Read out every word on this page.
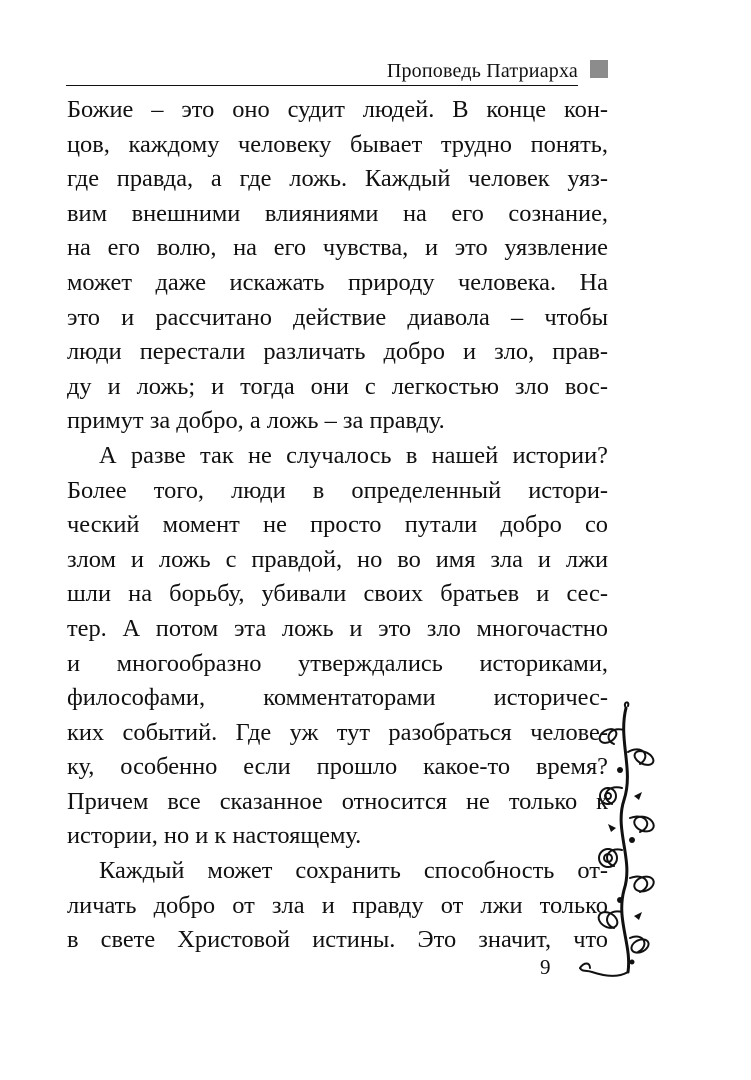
Проповедь Патриарха
Божие – это оно судит людей. В конце кон-
цов, каждому человеку бывает трудно понять,
где правда, а где ложь. Каждый человек уяз-
вим внешними влияниями на его сознание,
на его волю, на его чувства, и это уязвление
может даже искажать природу человека. На
это и рассчитано действие диавола – чтобы
люди перестали различать добро и зло, прав-
ду и ложь; и тогда они с легкостью зло вос-
примут за добро, а ложь – за правду.
А разве так не случалось в нашей истории?
Более того, люди в определенный истори-
ческий момент не просто путали добро со
злом и ложь с правдой, но во имя зла и лжи
шли на борьбу, убивали своих братьев и сес-
тер. А потом эта ложь и это зло многочастно
и многообразно утверждались историками,
философами, комментаторами историчес-
ких событий. Где уж тут разобраться челове-
ку, особенно если прошло какое-то время?
Причем все сказанное относится не только к
истории, но и к настоящему.
Каждый может сохранить способность от-
личать добро от зла и правду от лжи только
в свете Христовой истины. Это значит, что
9
